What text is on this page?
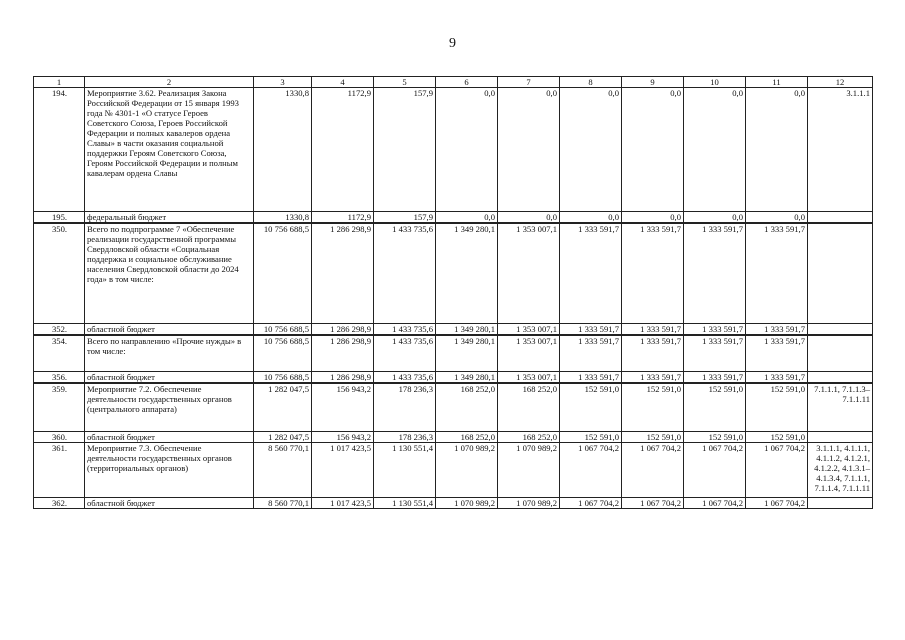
9
1	2	3	4	5	6	7	8	9	10	11	12
194.	Мероприятие 3.62. Реализация Закона Российской Федерации от 15 января 1993 года № 4301-1 «О статусе Героев Советского Союза, Героев Российской Федерации и полных кавалеров ордена Славы» в части оказания социальной поддержки Героям Советского Союза, Героям Российской Федерации и полным кавалерам ордена Славы	1330,8	1172,9	157,9	0,0	0,0	0,0	0,0	0,0	0,0	3.1.1.1
195.	федеральный бюджет	1330,8	1172,9	157,9	0,0	0,0	0,0	0,0	0,0	0,0	
350.	Всего по подпрограмме 7 «Обеспечение реализации государственной программы Свердловской области «Социальная поддержка и социальное обслуживание населения Свердловской области до 2024 года» в том числе:	10 756 688,5	1 286 298,9	1 433 735,6	1 349 280,1	1 353 007,1	1 333 591,7	1 333 591,7	1 333 591,7	1 333 591,7	
352.	областной бюджет	10 756 688,5	1 286 298,9	1 433 735,6	1 349 280,1	1 353 007,1	1 333 591,7	1 333 591,7	1 333 591,7	1 333 591,7	
354.	Всего по направлению «Прочие нужды» в том числе:	10 756 688,5	1 286 298,9	1 433 735,6	1 349 280,1	1 353 007,1	1 333 591,7	1 333 591,7	1 333 591,7	1 333 591,7	
356.	областной бюджет	10 756 688,5	1 286 298,9	1 433 735,6	1 349 280,1	1 353 007,1	1 333 591,7	1 333 591,7	1 333 591,7	1 333 591,7	
359.	Мероприятие 7.2. Обеспечение деятельности государственных органов (центрального аппарата)	1 282 047,5	156 943,2	178 236,3	168 252,0	168 252,0	152 591,0	152 591,0	152 591,0	152 591,0	7.1.1.1, 7.1.1.3–7.1.1.11
360.	областной бюджет	1 282 047,5	156 943,2	178 236,3	168 252,0	168 252,0	152 591,0	152 591,0	152 591,0	152 591,0	
361.	Мероприятие 7.3. Обеспечение деятельности государственных органов (территориальных органов)	8 560 770,1	1 017 423,5	1 130 551,4	1 070 989,2	1 070 989,2	1 067 704,2	1 067 704,2	1 067 704,2	1 067 704,2	3.1.1.1, 4.1.1.1, 4.1.1.2, 4.1.2.1, 4.1.2.2, 4.1.3.1– 4.1.3.4, 7.1.1.1, 7.1.1.4, 7.1.1.11
362.	областной бюджет	8 560 770,1	1 017 423,5	1 130 551,4	1 070 989,2	1 070 989,2	1 067 704,2	1 067 704,2	1 067 704,2	1 067 704,2	
